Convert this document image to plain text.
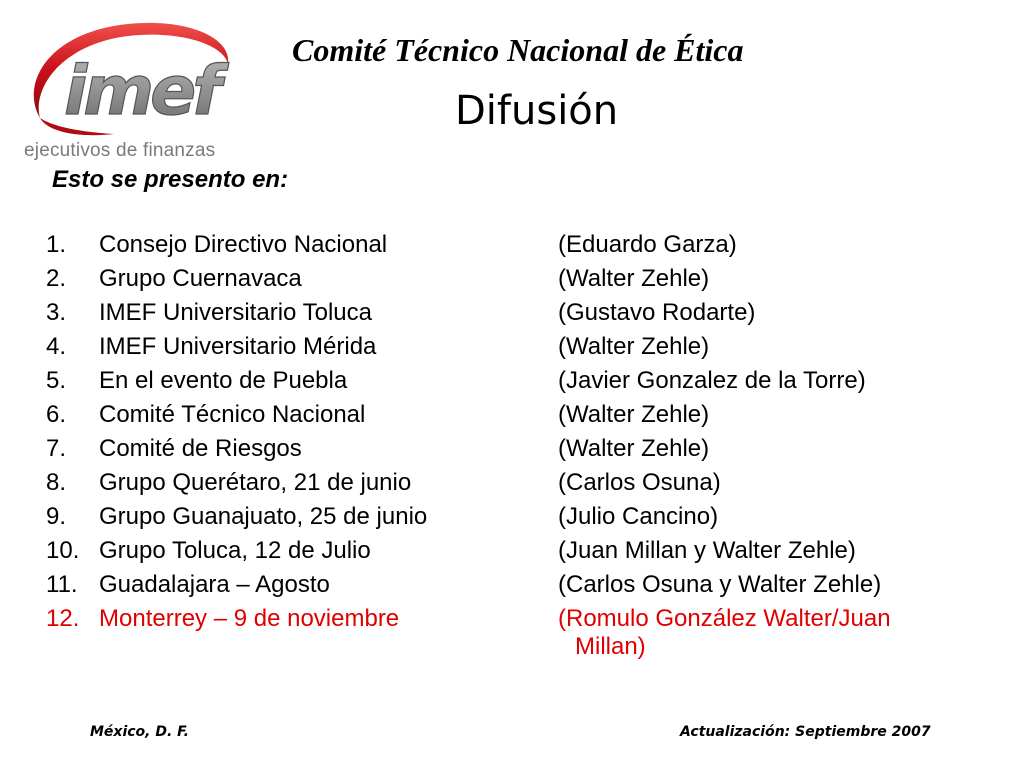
imef
ejecutivos de finanzas
Comité Técnico Nacional de Ética
Difusión
Esto se presento en:
1. Consejo Directivo Nacional	(Eduardo Garza)
2. Grupo Cuernavaca	(Walter Zehle)
3. IMEF Universitario Toluca	(Gustavo Rodarte)
4. IMEF Universitario Mérida	(Walter Zehle)
5. En el evento de Puebla	(Javier Gonzalez de la Torre)
6. Comité Técnico Nacional	(Walter Zehle)
7. Comité de Riesgos	(Walter Zehle)
8. Grupo Querétaro, 21 de junio	(Carlos Osuna)
9. Grupo Guanajuato, 25 de junio	(Julio Cancino)
10. Grupo Toluca, 12 de Julio	(Juan Millan y Walter Zehle)
11. Guadalajara – Agosto	(Carlos Osuna y Walter Zehle)
12. Monterrey – 9 de noviembre	(Romulo González Walter/Juan
Millan)
México, D. F.	Actualización: Septiembre 2007
